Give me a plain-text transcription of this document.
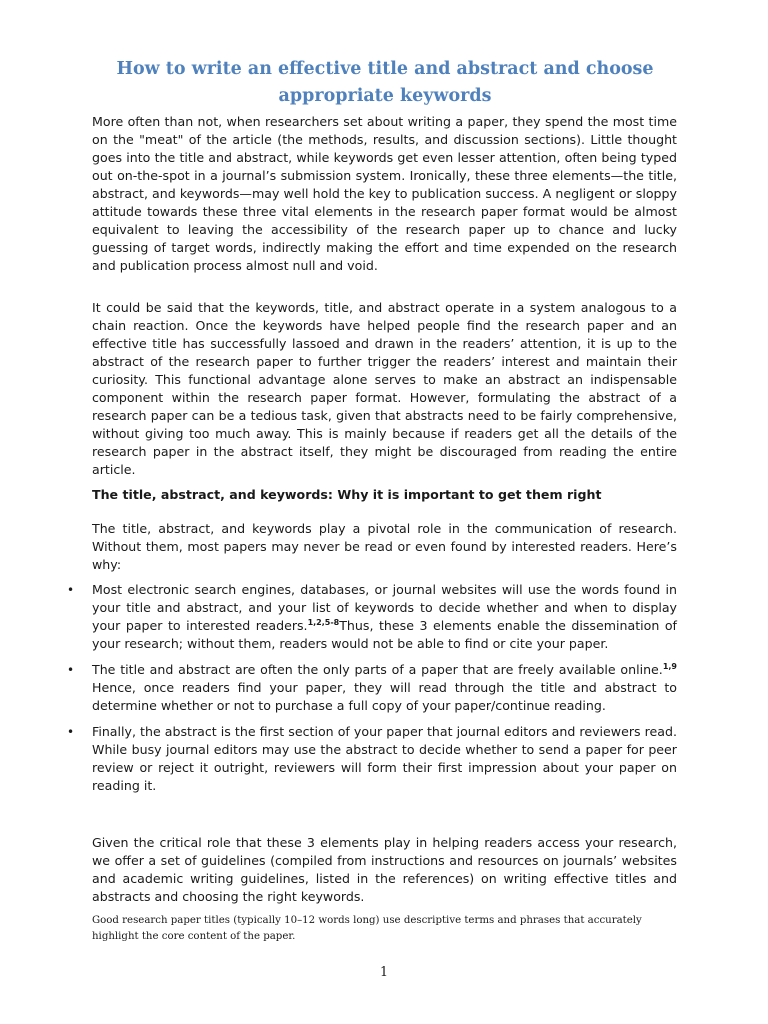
How to write an effective title and abstract and choose appropriate keywords

More often than not, when researchers set about writing a paper, they spend the most time on the "meat" of the article (the methods, results, and discussion sections). Little thought goes into the title and abstract, while keywords get even lesser attention, often being typed out on-the-spot in a journal’s submission system. Ironically, these three elements—the title, abstract, and keywords—may well hold the key to publication success. A negligent or sloppy attitude towards these three vital elements in the research paper format would be almost equivalent to leaving the accessibility of the research paper up to chance and lucky guessing of target words, indirectly making the effort and time expended on the research and publication process almost null and void.

It could be said that the keywords, title, and abstract operate in a system analogous to a chain reaction. Once the keywords have helped people find the research paper and an effective title has successfully lassoed and drawn in the readers’ attention, it is up to the abstract of the research paper to further trigger the readers’ interest and maintain their curiosity. This functional advantage alone serves to make an abstract an indispensable component within the research paper format. However, formulating the abstract of a research paper can be a tedious task, given that abstracts need to be fairly comprehensive, without giving too much away. This is mainly because if readers get all the details of the research paper in the abstract itself, they might be discouraged from reading the entire article.

The title, abstract, and keywords: Why it is important to get them right

The title, abstract, and keywords play a pivotal role in the communication of research. Without them, most papers may never be read or even found by interested readers. Here’s why:

• Most electronic search engines, databases, or journal websites will use the words found in your title and abstract, and your list of keywords to decide whether and when to display your paper to interested readers.$^{1,2,5-8}$Thus, these 3 elements enable the dissemination of your research; without them, readers would not be able to find or cite your paper.
• The title and abstract are often the only parts of a paper that are freely available online.$^{1,9}$ Hence, once readers find your paper, they will read through the title and abstract to determine whether or not to purchase a full copy of your paper/continue reading.
• Finally, the abstract is the first section of your paper that journal editors and reviewers read. While busy journal editors may use the abstract to decide whether to send a paper for peer review or reject it outright, reviewers will form their first impression about your paper on reading it.

Given the critical role that these 3 elements play in helping readers access your research, we offer a set of guidelines (compiled from instructions and resources on journals’ websites and academic writing guidelines, listed in the references) on writing effective titles and abstracts and choosing the right keywords.

Good research paper titles (typically 10–12 words long) use descriptive terms and phrases that accurately highlight the core content of the paper.
1
